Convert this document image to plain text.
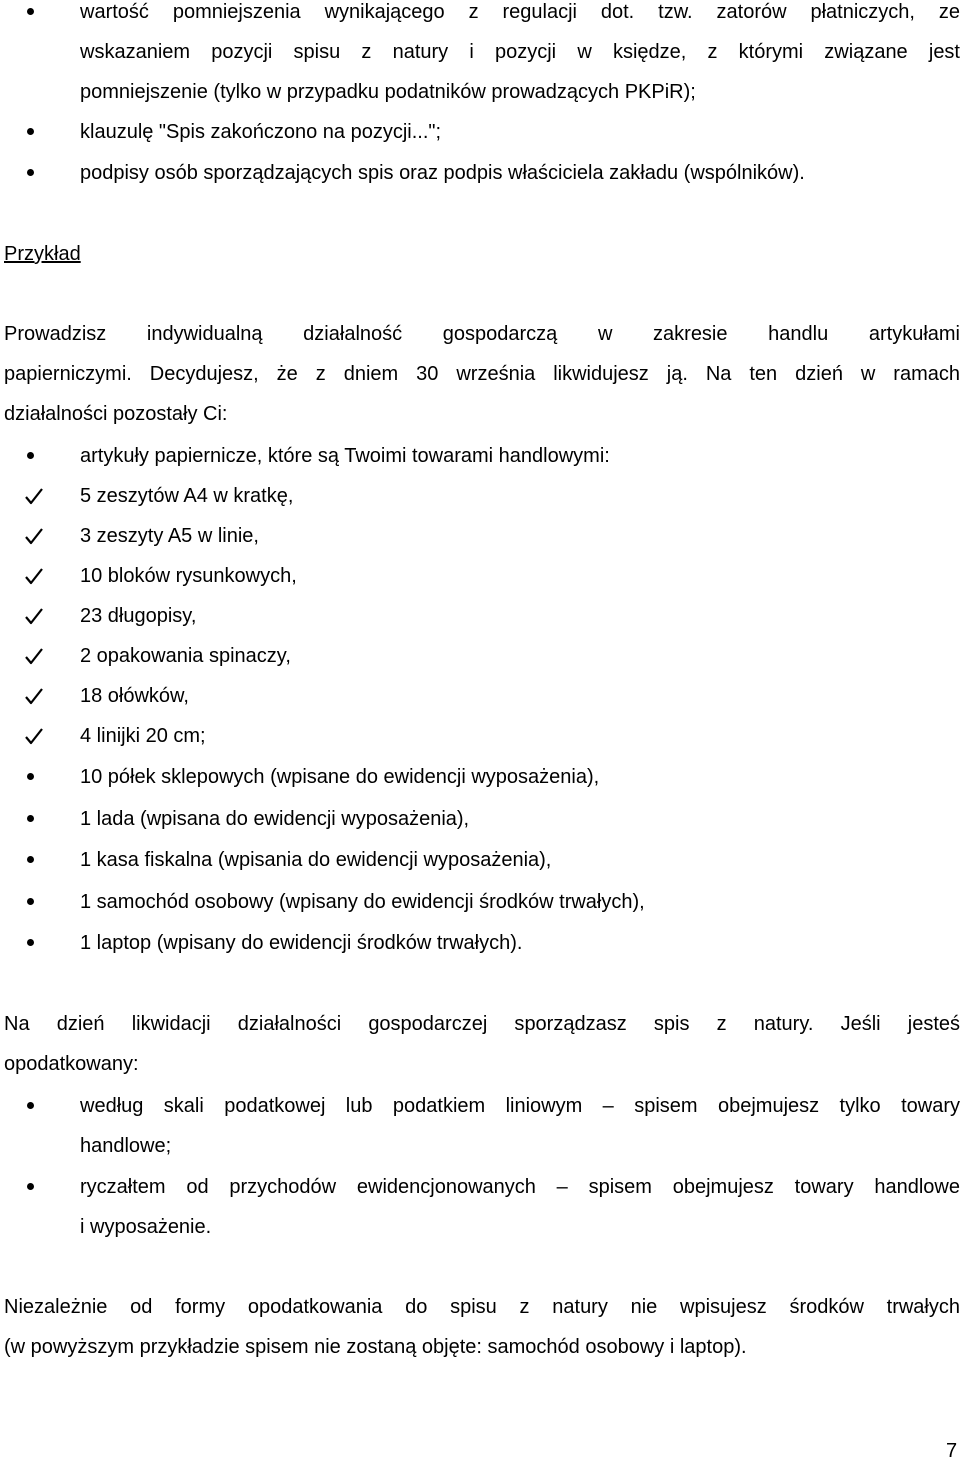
wartość pomniejszenia wynikającego z regulacji dot. tzw. zatorów płatniczych, ze
wskazaniem pozycji spisu z natury i pozycji w księdze, z którymi związane jest
pomniejszenie (tylko w przypadku podatników prowadzących PKPiR);
klauzulę "Spis zakończono na pozycji...";
podpisy osób sporządzających spis oraz podpis właściciela zakładu (wspólników).
Przykład
Prowadzisz indywidualną działalność gospodarczą w zakresie handlu artykułami
papierniczymi. Decydujesz, że z dniem 30 września likwidujesz ją. Na ten dzień w ramach
działalności pozostały Ci:
artykuły papiernicze, które są Twoimi towarami handlowymi:
5 zeszytów A4 w kratkę,
3 zeszyty A5 w linie,
10 bloków rysunkowych,
23 długopisy,
2 opakowania spinaczy,
18 ołówków,
4 linijki 20 cm;
10 półek sklepowych (wpisane do ewidencji wyposażenia),
1 lada (wpisana do ewidencji wyposażenia),
1 kasa fiskalna (wpisania do ewidencji wyposażenia),
1 samochód osobowy (wpisany do ewidencji środków trwałych),
1 laptop (wpisany do ewidencji środków trwałych).
Na dzień likwidacji działalności gospodarczej sporządzasz spis z natury. Jeśli jesteś
opodatkowany:
według skali podatkowej lub podatkiem liniowym – spisem obejmujesz tylko towary
handlowe;
ryczałtem od przychodów ewidencjonowanych – spisem obejmujesz towary handlowe
i wyposażenie.
Niezależnie od formy opodatkowania do spisu z natury nie wpisujesz środków trwałych
(w powyższym przykładzie spisem nie zostaną objęte: samochód osobowy i laptop).
7
